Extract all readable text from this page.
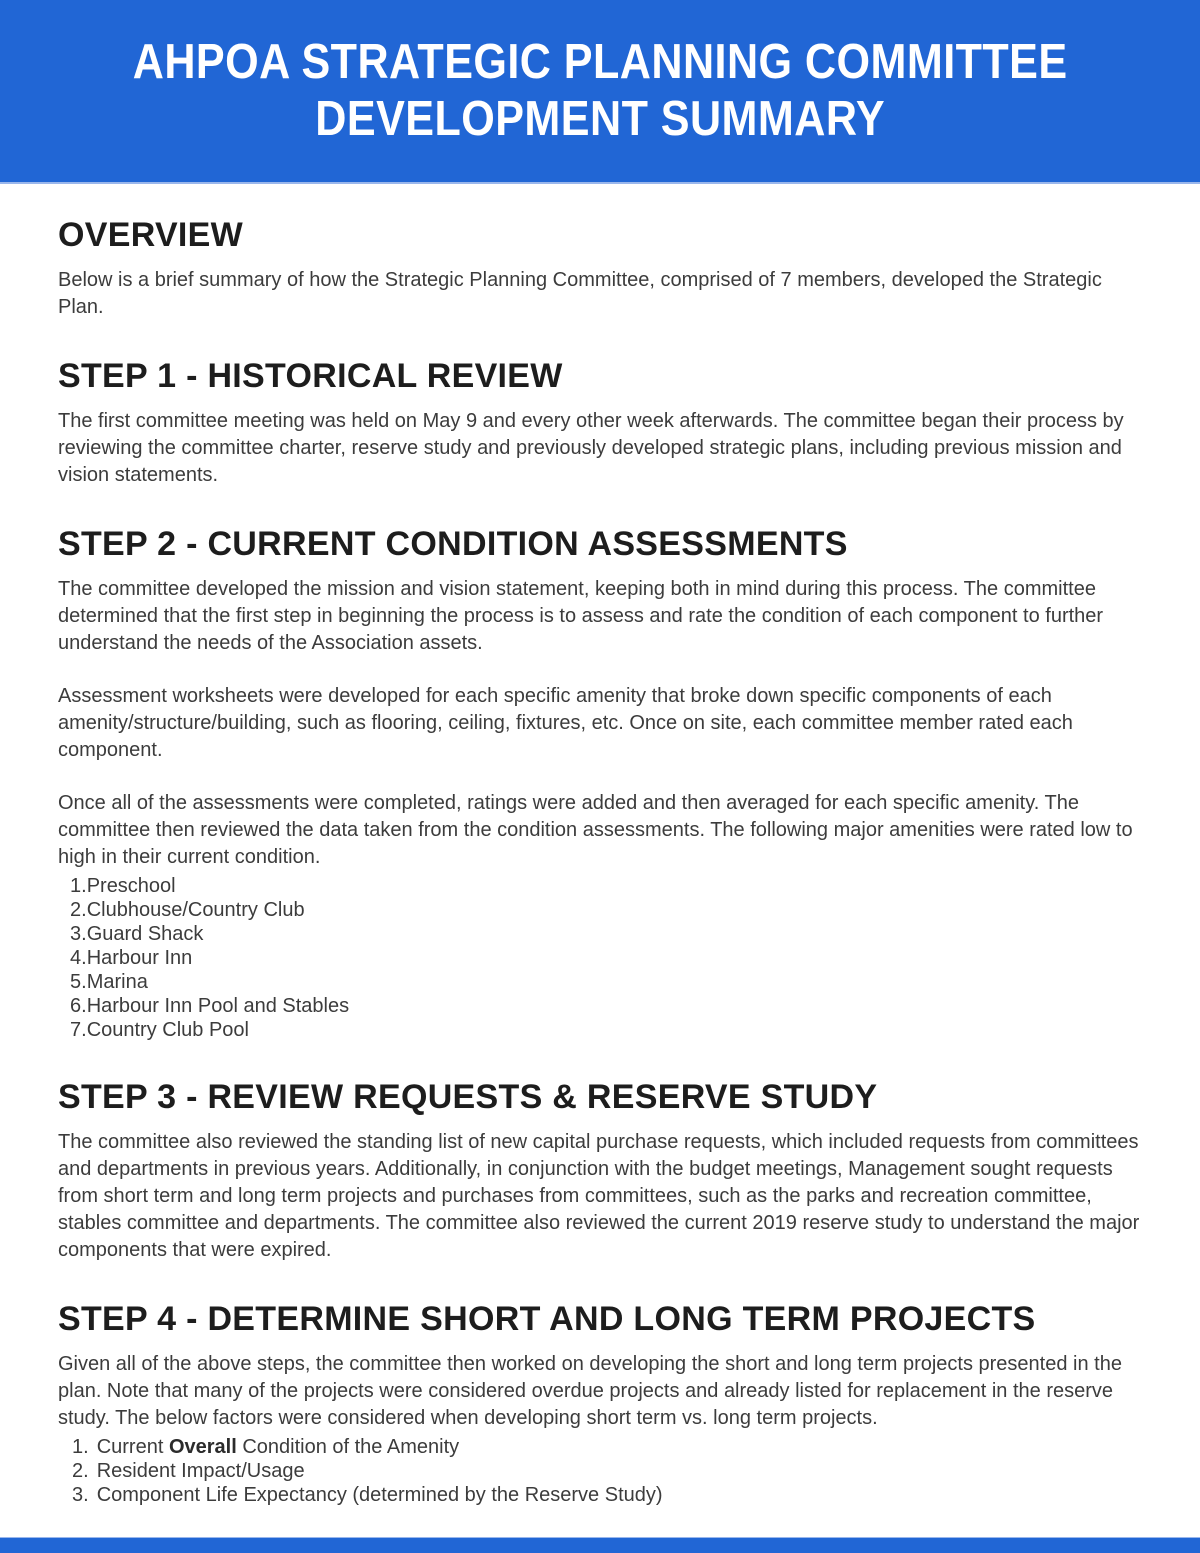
AHPOA STRATEGIC PLANNING COMMITTEE
DEVELOPMENT SUMMARY
OVERVIEW

Below is a brief summary of how the Strategic Planning Committee, comprised of 7 members, developed the Strategic Plan.

STEP 1 - HISTORICAL REVIEW

The first committee meeting was held on May 9 and every other week afterwards. The committee began their process by reviewing the committee charter, reserve study and previously developed strategic plans, including previous mission and vision statements.

STEP 2 - CURRENT CONDITION ASSESSMENTS

The committee developed the mission and vision statement, keeping both in mind during this process. The committee determined that the first step in beginning the process is to assess and rate the condition of each component to further understand the needs of the Association assets.

Assessment worksheets were developed for each specific amenity that broke down specific components of each amenity/structure/building, such as flooring, ceiling, fixtures, etc. Once on site, each committee member rated each component.

Once all of the assessments were completed, ratings were added and then averaged for each specific amenity. The committee then reviewed the data taken from the condition assessments. The following major amenities were rated low to high in their current condition.

Preschool
Clubhouse/Country Club
Guard Shack
Harbour Inn
Marina
Harbour Inn Pool and Stables
Country Club Pool
STEP 3 - REVIEW REQUESTS & RESERVE STUDY

The committee also reviewed the standing list of new capital purchase requests, which included requests from committees and departments in previous years. Additionally, in conjunction with the budget meetings, Management sought requests from short term and long term projects and purchases from committees, such as the parks and recreation committee, stables committee and departments. The committee also reviewed the current 2019 reserve study to understand the major components that were expired.

STEP 4 - DETERMINE SHORT AND LONG TERM PROJECTS

Given all of the above steps, the committee then worked on developing the short and long term projects presented in the plan. Note that many of the projects were considered overdue projects and already listed for replacement in the reserve study. The below factors were considered when developing short term vs. long term projects.

Current Overall Condition of the Amenity
Resident Impact/Usage
Component Life Expectancy (determined by the Reserve Study)
